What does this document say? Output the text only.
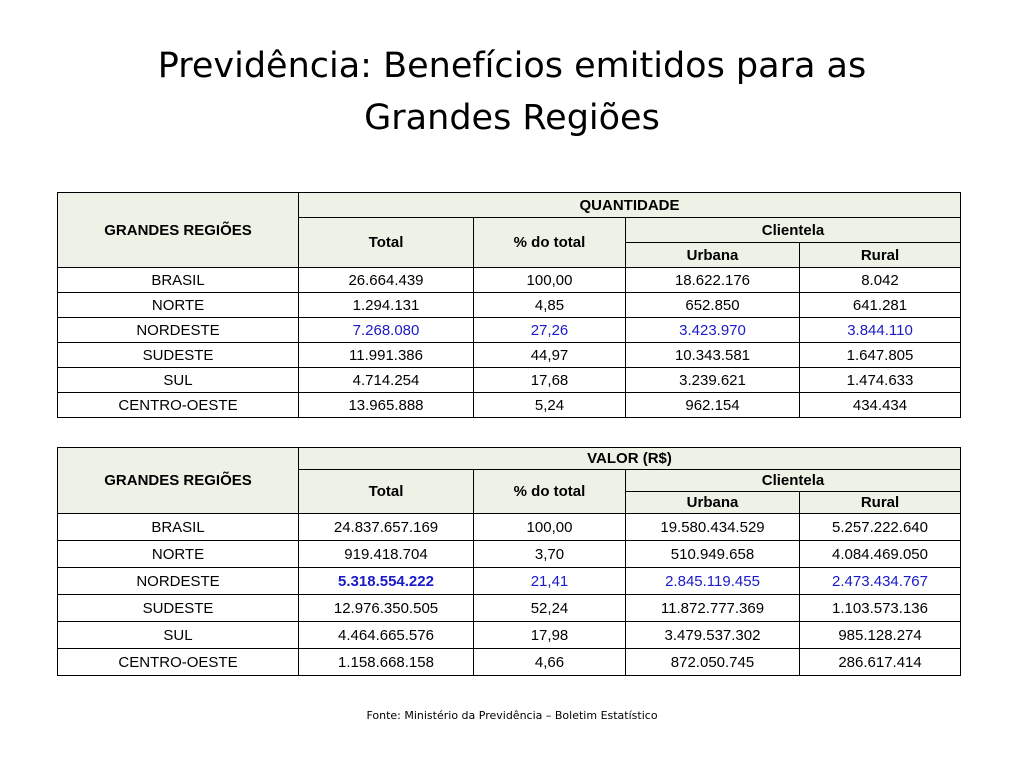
Previdência: Benefícios emitidos para as
Grandes Regiões
GRANDES REGIÕES	QUANTIDADE			
	Total	% do total	Clientela	

			Urbana	Rural
BRASIL	26.664.439	100,00	18.622.176	8.042
NORTE	1.294.131	4,85	652.850	641.281
NORDESTE	7.268.080	27,26	3.423.970	3.844.110
SUDESTE	11.991.386	44,97	10.343.581	1.647.805
SUL	4.714.254	17,68	3.239.621	1.474.633
CENTRO-OESTE	13.965.888	5,24	962.154	434.434
GRANDES REGIÕES	VALOR (R$)			
	Total	% do total	Clientela	

			Urbana	Rural
BRASIL	24.837.657.169	100,00	19.580.434.529	5.257.222.640
NORTE	919.418.704	3,70	510.949.658	4.084.469.050
NORDESTE	5.318.554.222	21,41	2.845.119.455	2.473.434.767
SUDESTE	12.976.350.505	52,24	11.872.777.369	1.103.573.136
SUL	4.464.665.576	17,98	3.479.537.302	985.128.274
CENTRO-OESTE	1.158.668.158	4,66	872.050.745	286.617.414
Fonte: Ministério da Previdência – Boletim Estatístico
